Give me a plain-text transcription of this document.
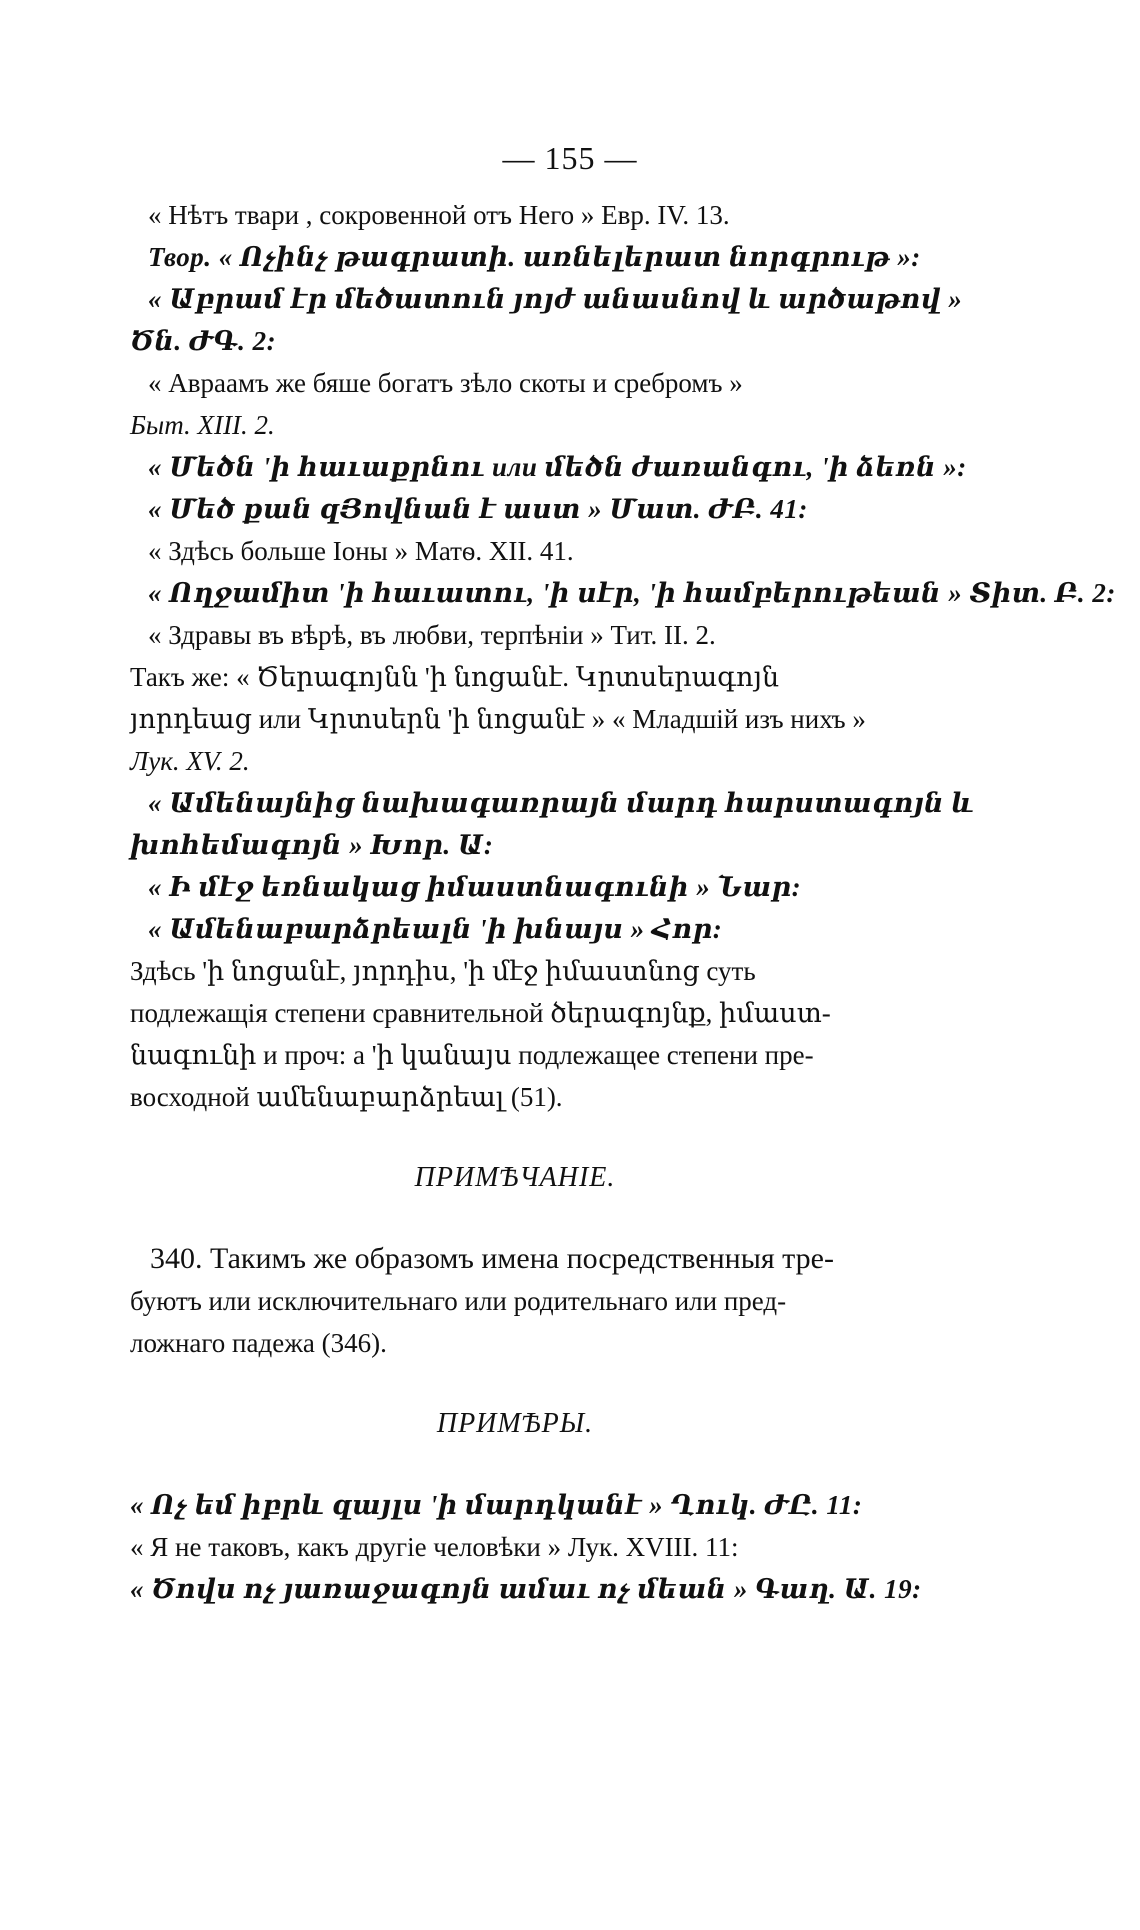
— 155 —
« Нѣтъ твари , сокровенной отъ Него » Евр. IV. 13.
Твор. « Ոչինչ թագրատի. առնելերատ նորգրութ »:
« Աբրամ էր մեծատուն յոյժ անասնով և արծաթով »
Ծն. ԺԳ. 2:
« Авраамъ же бяше богатъ зѣло скоты и сребромъ »
Быт. XIII. 2.
« Մեծն 'ի հաւաքրնու или մեծն ժառանգու, 'ի ձեռն »:
« Մեծ քան զՅովնան է աստ » Մատ. ԺԲ. 41:
« Здѣсь больше Іоны » Матѳ. XII. 41.
« Ողջամիտ 'ի հաւատու, 'ի սէր, 'ի համբերութեան » Տիտ. Բ. 2:
« Здравы въ вѣрѣ, въ любви, терпѣніи » Тит. II. 2.
Такъ же: « Ծերագոյնն 'ի նոցանէ. Կրտսերագոյն
յորդեաց или Կրտսերն 'ի նոցանէ » « Младшій изъ нихъ »
Лук. XV. 2.
« Ամենայնից նախագառրայն մարդ հարստագոյն և
խոհեմագոյն » Խոր. Ա:
« Ի մէջ եռնակաց իմաստնագունի » Նար:
« Ամենաբարձրեալն 'ի խնայս » Հոր:
Здѣсь 'ի նոցանէ, յորդիս, 'ի մէջ իմաստնոց суть
подлежащія степени сравнительной ծերագոյնք, իմաստ-
նագունի и проч: а 'ի կանայս подлежащее степени пре-
восходной ամենաբարձրեալ (51).
ПРИМѢЧАНІЕ.
340. Такимъ же образомъ имена посредственныя тре-
буютъ или исключительнаго или родительнаго или пред-
ложнаго падежа (346).
ПРИМѢРЫ.
« Ոչ եմ իբրև զայլս 'ի մարդկանէ » Ղուկ. ԺԸ. 11:
« Я не таковъ, какъ другіе человѣки » Лук. XVIII. 11:
« Ծովս ոչ յառաջագոյն ամաւ ոչ մեան » Գաղ. Ա. 19:
